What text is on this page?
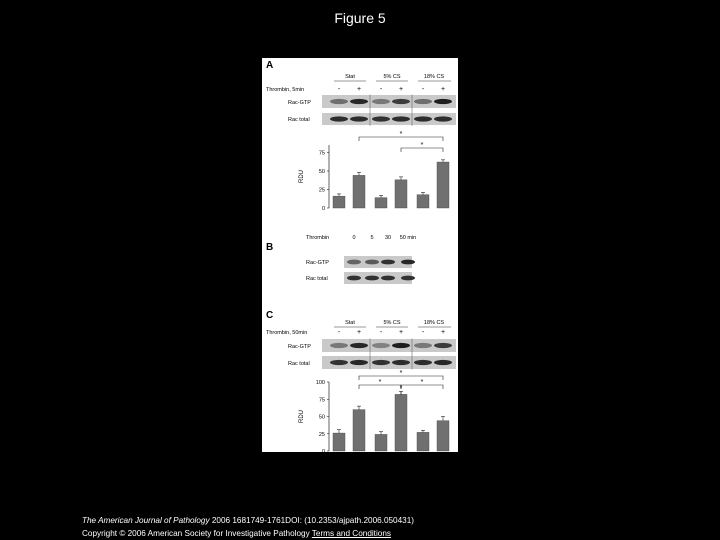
Figure 5
A
Stat	5% CS	18% CS
Thrombin, 5min	- +	- +	- +
Rac-GTP
Rac total
75
50
25
0
RDU
*
*
B
Thrombin	0	5 30 50 min
Rac-GTP
Rac total
C
Stat	5% CS	18% CS
Thrombin, 50min	- +	- +	- +
Rac-GTP
Rac total
100
75
50
25
0
RDU
*
*	*
*
The American Journal of Pathology 2006 1681749-1761DOI: (10.2353/ajpath.2006.050431)
Copyright © 2006 American Society for Investigative Pathology Terms and Conditions
